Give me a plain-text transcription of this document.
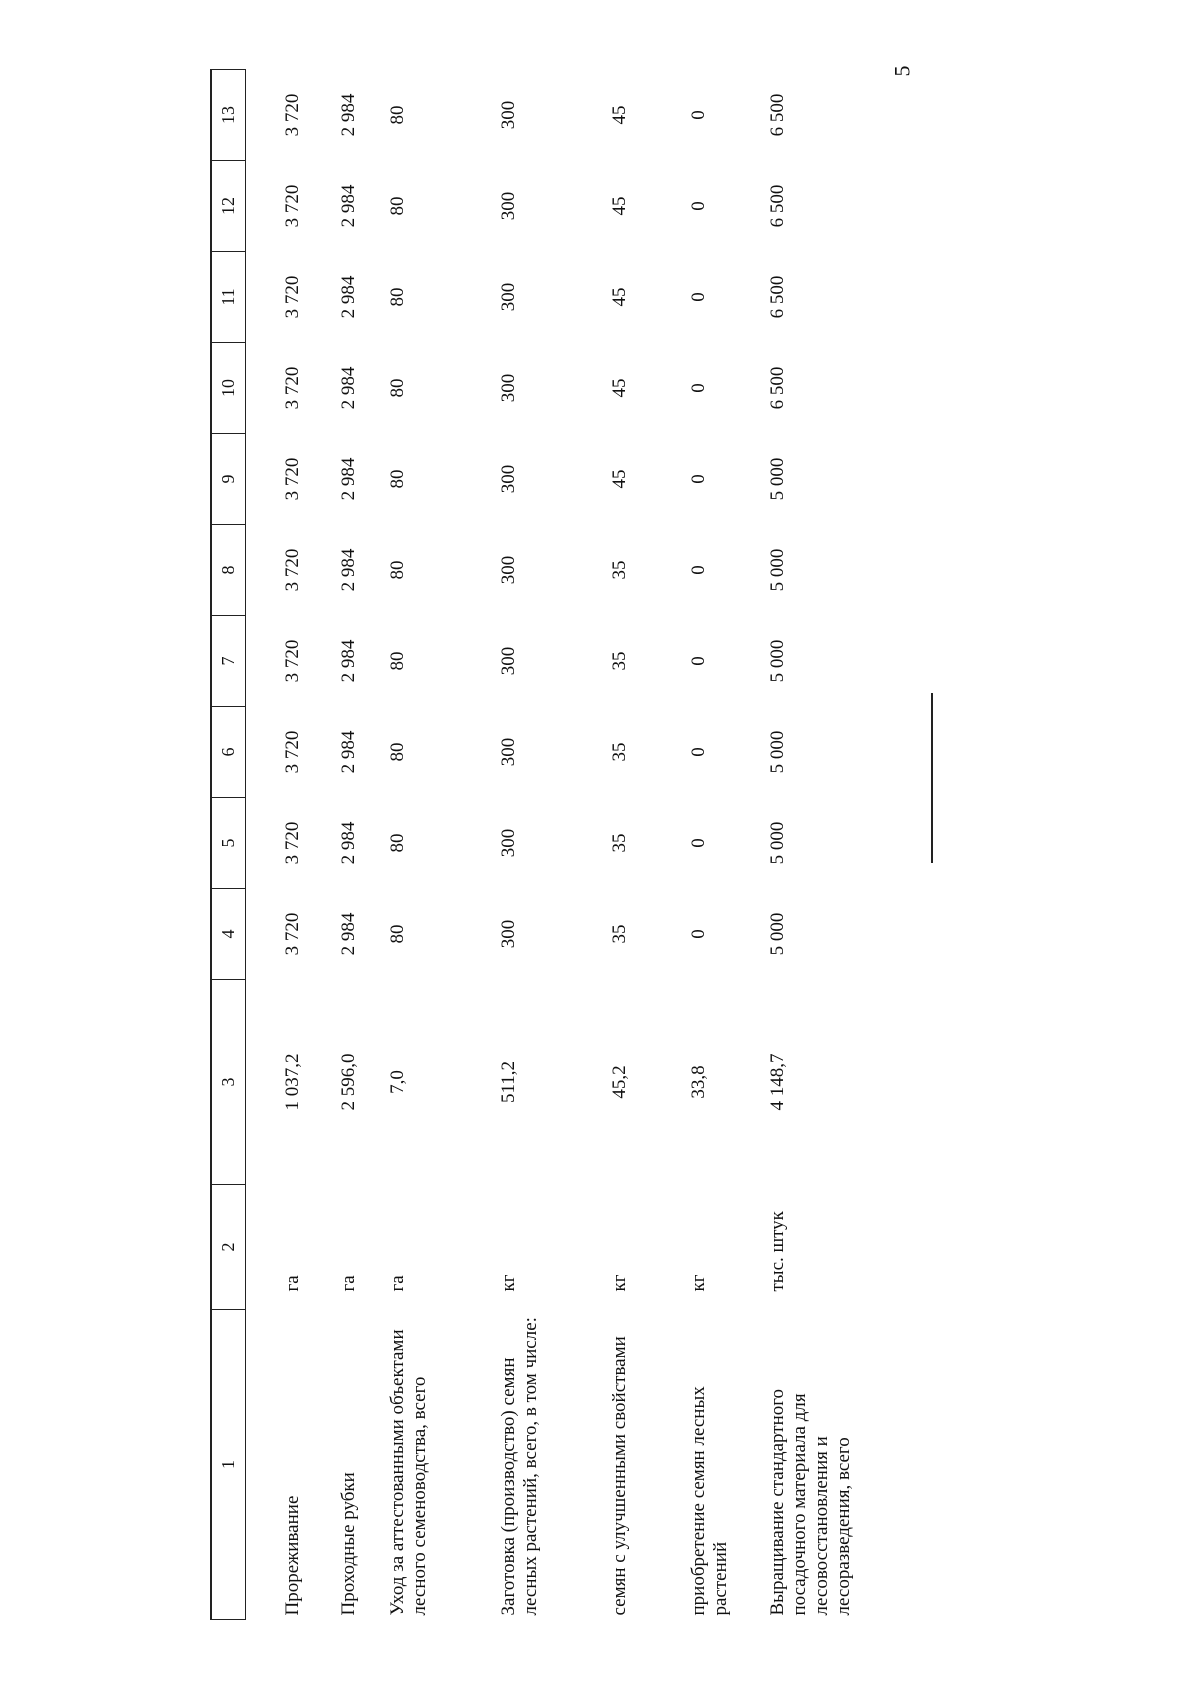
5
1	2	3	4	5	6	7	8	9	10	11	12	13
Прореживание	га	1 037,2	3 720	3 720	3 720	3 720	3 720	3 720	3 720	3 720	3 720	3 720
Проходные рубки	га	2 596,0	2 984	2 984	2 984	2 984	2 984	2 984	2 984	2 984	2 984	2 984
Уход за аттестованными объектами лесного семеноводства, всего	га	7,0	80	80	80	80	80	80	80	80	80	80
Заготовка (производство) семян лесных растений, всего, в том числе:	кг	511,2	300	300	300	300	300	300	300	300	300	300
семян с улучшенными свойствами	кг	45,2	35	35	35	35	35	45	45	45	45	45
приобретение семян лесных растений	кг	33,8	0	0	0	0	0	0	0	0	0	0
Выращивание стандартного посадочного материала для лесовосстановления и лесоразведения, всего	тыс. штук	4 148,7	5 000	5 000	5 000	5 000	5 000	5 000	6 500	6 500	6 500	6 500
